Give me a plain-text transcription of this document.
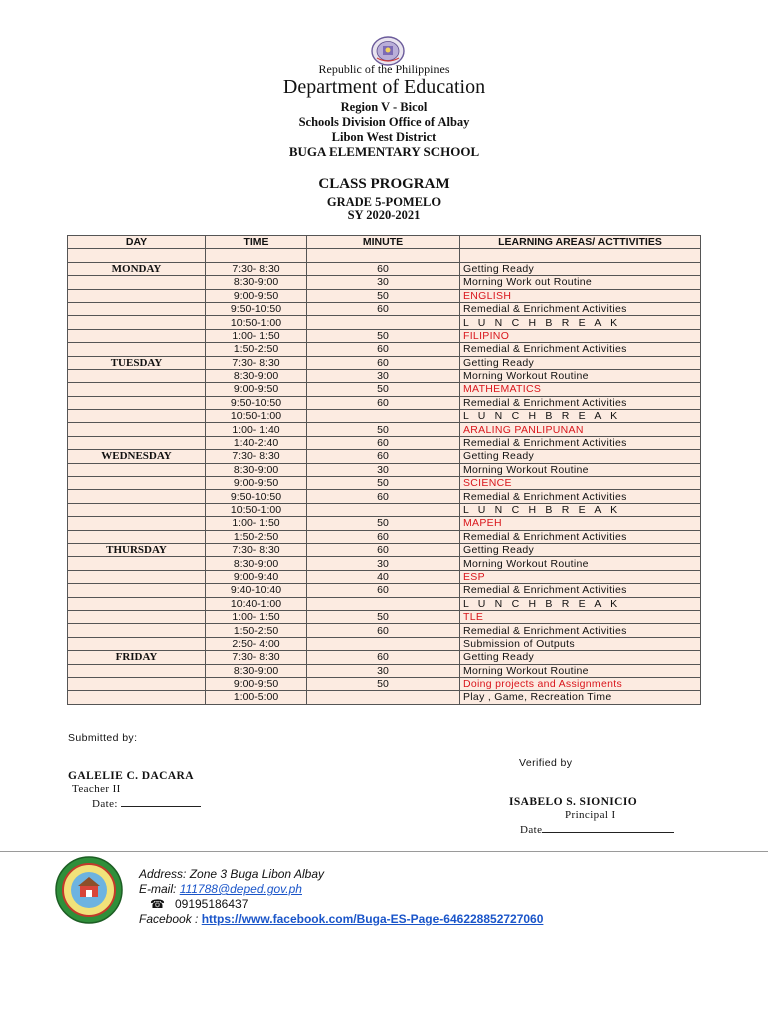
Republic of the Philippines
Department of Education
Region V - Bicol
Schools Division Office of Albay
Libon West District
BUGA ELEMENTARY SCHOOL
CLASS PROGRAM
GRADE 5-POMELO
SY 2020-2021
DAY	TIME	MINUTE	LEARNING AREAS/ ACTTIVITIES

MONDAY	7:30- 8:30	60	Getting Ready
	8:30-9:00	30	Morning Work out Routine
	9:00-9:50	50	ENGLISH
	9:50-10:50	60	Remedial & Enrichment Activities
	10:50-1:00		L U N C H B R E A K
	1:00- 1:50	50	FILIPINO
	1:50-2:50	60	Remedial & Enrichment Activities
TUESDAY	7:30- 8:30	60	Getting Ready
	8:30-9:00	30	Morning Workout Routine
	9:00-9:50	50	MATHEMATICS
	9:50-10:50	60	Remedial & Enrichment Activities
	10:50-1:00		L U N C H B R E A K
	1:00- 1:40	50	ARALING PANLIPUNAN
	1:40-2:40	60	Remedial & Enrichment Activities
WEDNESDAY	7:30- 8:30	60	Getting Ready
	8:30-9:00	30	Morning Workout Routine
	9:00-9:50	50	SCIENCE
	9:50-10:50	60	Remedial & Enrichment Activities
	10:50-1:00		L U N C H B R E A K
	1:00- 1:50	50	MAPEH
	1:50-2:50	60	Remedial & Enrichment Activities
THURSDAY	7:30- 8:30	60	Getting Ready
	8:30-9:00	30	Morning Workout Routine
	9:00-9:40	40	ESP
	9:40-10:40	60	Remedial & Enrichment Activities
	10:40-1:00		L U N C H B R E A K
	1:00- 1:50	50	TLE
	1:50-2:50	60	Remedial & Enrichment Activities
	2:50- 4:00		Submission of Outputs
FRIDAY	7:30- 8:30	60	Getting Ready
	8:30-9:00	30	Morning Workout Routine
	9:00-9:50	50	Doing projects and Assignments
	1:00-5:00		Play , Game, Recreation Time
Submitted by:
GALELIE C. DACARA
Teacher II
Date:
Verified by
ISABELO S. SIONICIO
Principal I
Date
Address: Zone 3 Buga Libon Albay
E-mail: 111788@deped.gov.ph
☎ 09195186437
Facebook : https://www.facebook.com/Buga-ES-Page-646228852727060
